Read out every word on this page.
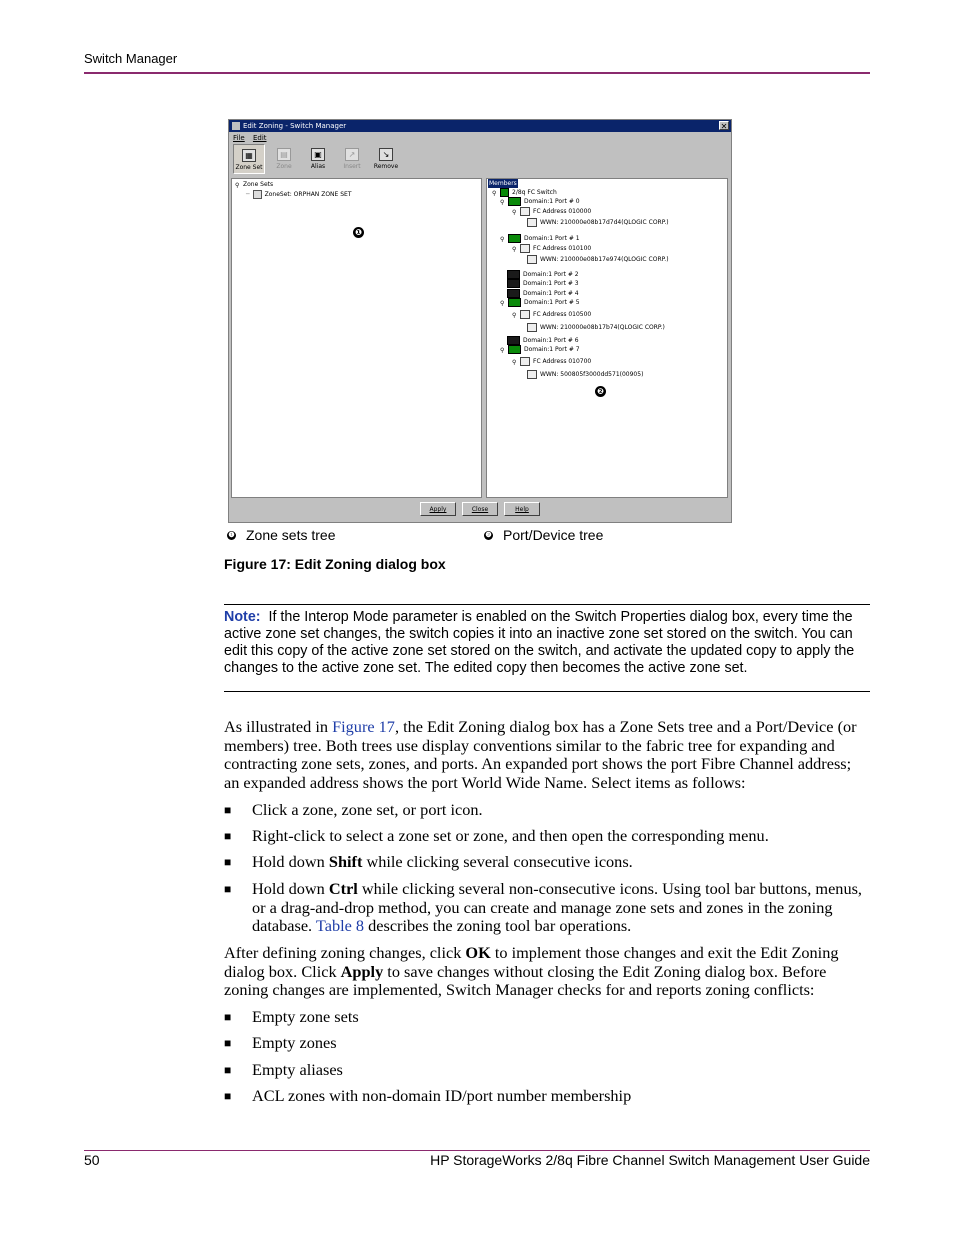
Switch Manager
Edit Zoning - Switch Manager	✕
File Edit
▦
Zone Set
▤
Zone
▣
Alias
↗
Insert
↘
Remove
⚲ Zone Sets
─	ZoneSet: ORPHAN ZONE SET
Members
⚲	2/8q FC Switch
⚲	Domain:1 Port # 0
⚲	FC Address 010000
WWN: 210000e08b17d7d4(QLOGIC CORP.)
⚲	Domain:1 Port # 1
⚲	FC Address 010100
WWN: 210000e08b17e974(QLOGIC CORP.)
Domain:1 Port # 2
Domain:1 Port # 3
Domain:1 Port # 4
⚲	Domain:1 Port # 5
⚲	FC Address 010500
WWN: 210000e08b17b74(QLOGIC CORP.)
Domain:1 Port # 6
⚲	Domain:1 Port # 7
⚲	FC Address 010700
WWN: 500805f3000dd571(00905)
Apply	Close	Help
❶
❷
❶ Zone sets tree	❷ Port/Device tree
Figure 17: Edit Zoning dialog box
Note: If the Interop Mode parameter is enabled on the Switch Properties dialog box, every time the active zone set changes, the switch copies it into an inactive zone set stored on the switch. You can edit this copy of the active zone set stored on the switch, and activate the updated copy to apply the changes to the active zone set. The edited copy then becomes the active zone set.
As illustrated in Figure 17, the Edit Zoning dialog box has a Zone Sets tree and a Port/Device (or members) tree. Both trees use display conventions similar to the fabric tree for expanding and contracting zone sets, zones, and ports. An expanded port shows the port Fibre Channel address; an expanded address shows the port World Wide Name. Select items as follows:
■ Click a zone, zone set, or port icon.
■ Right-click to select a zone set or zone, and then open the corresponding menu.
■ Hold down Shift while clicking several consecutive icons.
■ Hold down Ctrl while clicking several non-consecutive icons. Using tool bar buttons, menus, or a drag-and-drop method, you can create and manage zone sets and zones in the zoning database. Table 8 describes the zoning tool bar operations.
After defining zoning changes, click OK to implement those changes and exit the Edit Zoning dialog box. Click Apply to save changes without closing the Edit Zoning dialog box. Before zoning changes are implemented, Switch Manager checks for and reports zoning conflicts:
■ Empty zone sets
■ Empty zones
■ Empty aliases
■ ACL zones with non-domain ID/port number membership
50	HP StorageWorks 2/8q Fibre Channel Switch Management User Guide
